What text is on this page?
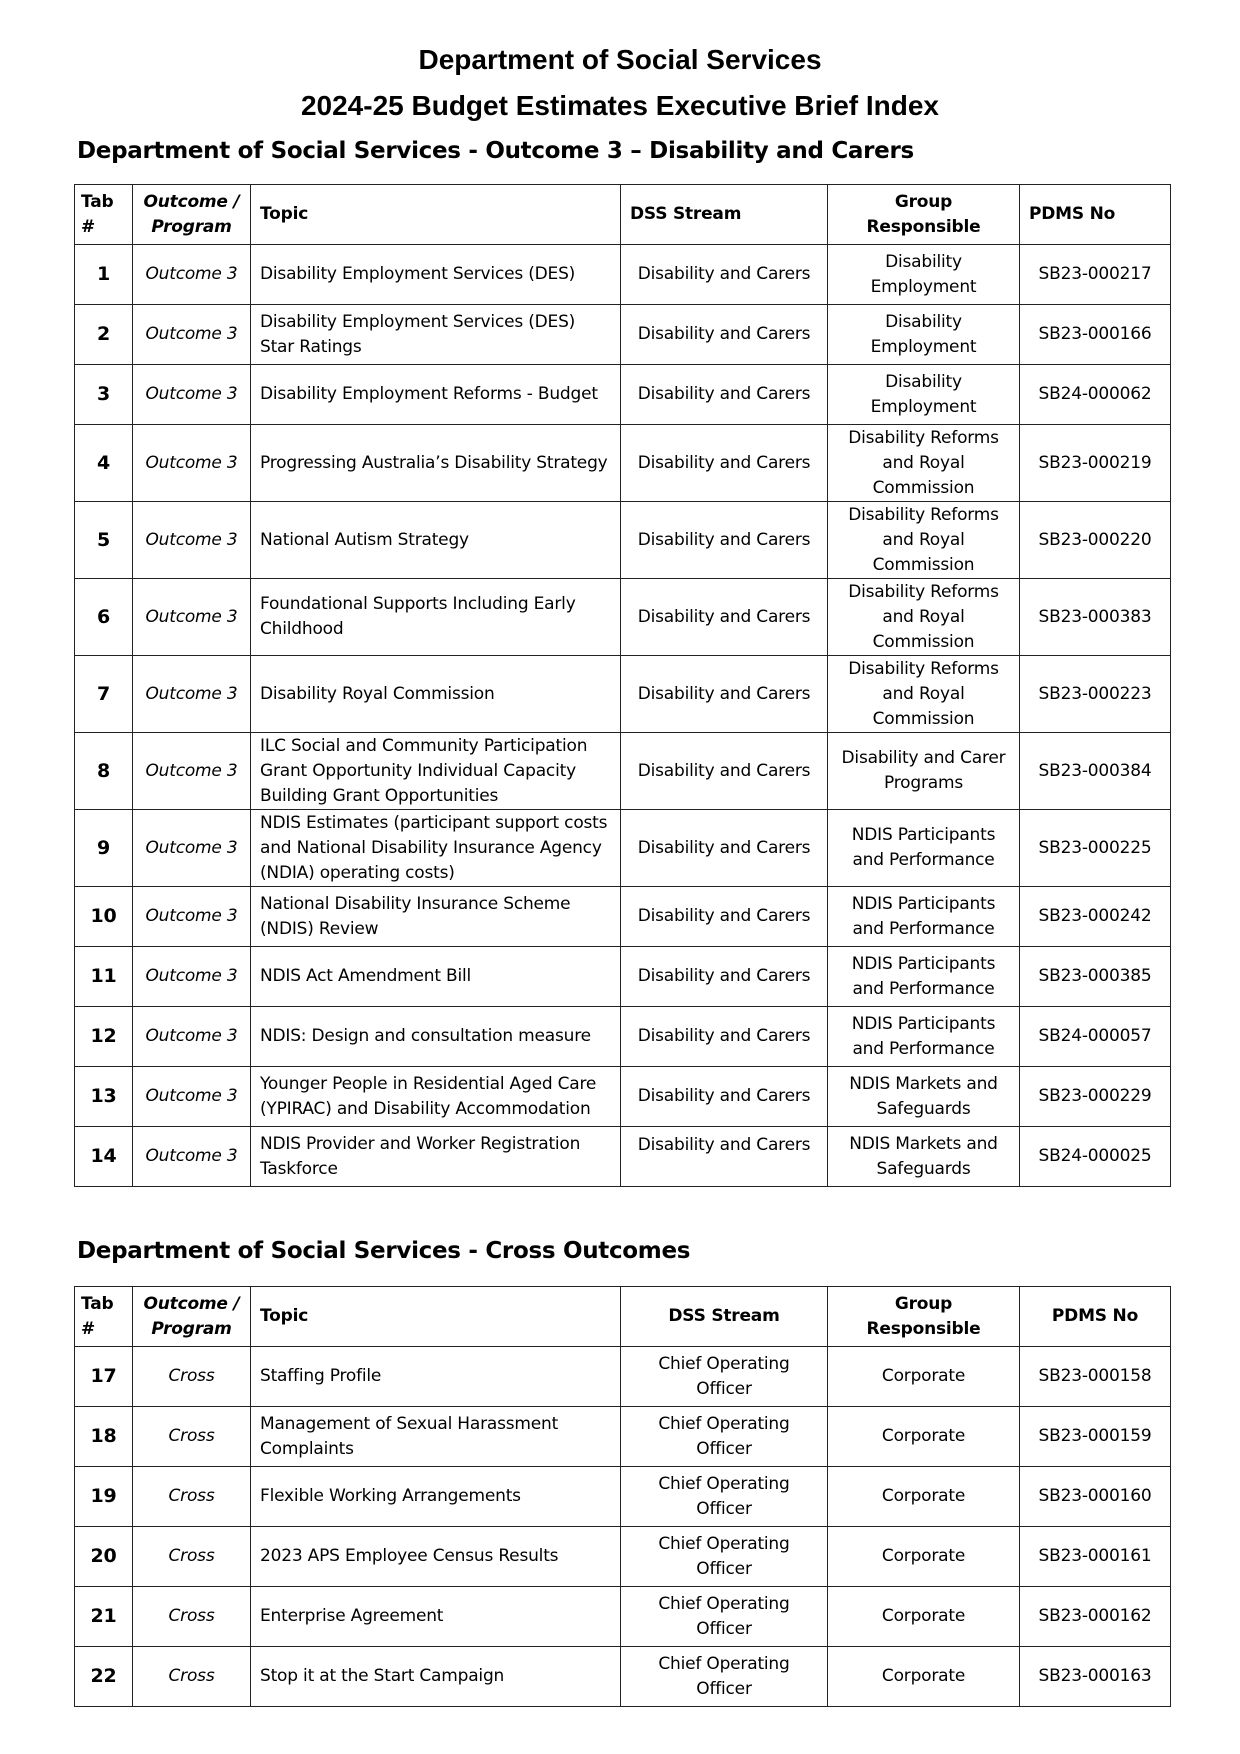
Department of Social Services
2024-25 Budget Estimates Executive Brief Index
Department of Social Services - Outcome 3 – Disability and Carers
Tab #	Outcome / Program	Topic	DSS Stream	Group Responsible	PDMS No
1	Outcome 3	Disability Employment Services (DES)	Disability and Carers	Disability Employment	SB23-000217
2	Outcome 3	Disability Employment Services (DES) Star Ratings	Disability and Carers	Disability Employment	SB23-000166
3	Outcome 3	Disability Employment Reforms - Budget	Disability and Carers	Disability Employment	SB24-000062
4	Outcome 3	Progressing Australia’s Disability Strategy	Disability and Carers	Disability Reforms and Royal Commission	SB23-000219
5	Outcome 3	National Autism Strategy	Disability and Carers	Disability Reforms and Royal Commission	SB23-000220
6	Outcome 3	Foundational Supports Including Early Childhood	Disability and Carers	Disability Reforms and Royal Commission	SB23-000383
7	Outcome 3	Disability Royal Commission	Disability and Carers	Disability Reforms and Royal Commission	SB23-000223
8	Outcome 3	ILC Social and Community Participation Grant Opportunity Individual Capacity Building Grant Opportunities	Disability and Carers	Disability and Carer Programs	SB23-000384
9	Outcome 3	NDIS Estimates (participant support costs and National Disability Insurance Agency (NDIA) operating costs)	Disability and Carers	NDIS Participants and Performance	SB23-000225
10	Outcome 3	National Disability Insurance Scheme (NDIS) Review	Disability and Carers	NDIS Participants and Performance	SB23-000242
11	Outcome 3	NDIS Act Amendment Bill	Disability and Carers	NDIS Participants and Performance	SB23-000385
12	Outcome 3	NDIS: Design and consultation measure	Disability and Carers	NDIS Participants and Performance	SB24-000057
13	Outcome 3	Younger People in Residential Aged Care (YPIRAC) and Disability Accommodation	Disability and Carers	NDIS Markets and Safeguards	SB23-000229
14	Outcome 3	NDIS Provider and Worker Registration Taskforce	Disability and Carers	NDIS Markets and Safeguards	SB24-000025
Department of Social Services - Cross Outcomes
Tab #	Outcome / Program	Topic	DSS Stream	Group Responsible	PDMS No
17	Cross	Staffing Profile	Chief Operating Officer	Corporate	SB23-000158
18	Cross	Management of Sexual Harassment Complaints	Chief Operating Officer	Corporate	SB23-000159
19	Cross	Flexible Working Arrangements	Chief Operating Officer	Corporate	SB23-000160
20	Cross	2023 APS Employee Census Results	Chief Operating Officer	Corporate	SB23-000161
21	Cross	Enterprise Agreement	Chief Operating Officer	Corporate	SB23-000162
22	Cross	Stop it at the Start Campaign	Chief Operating Officer	Corporate	SB23-000163
